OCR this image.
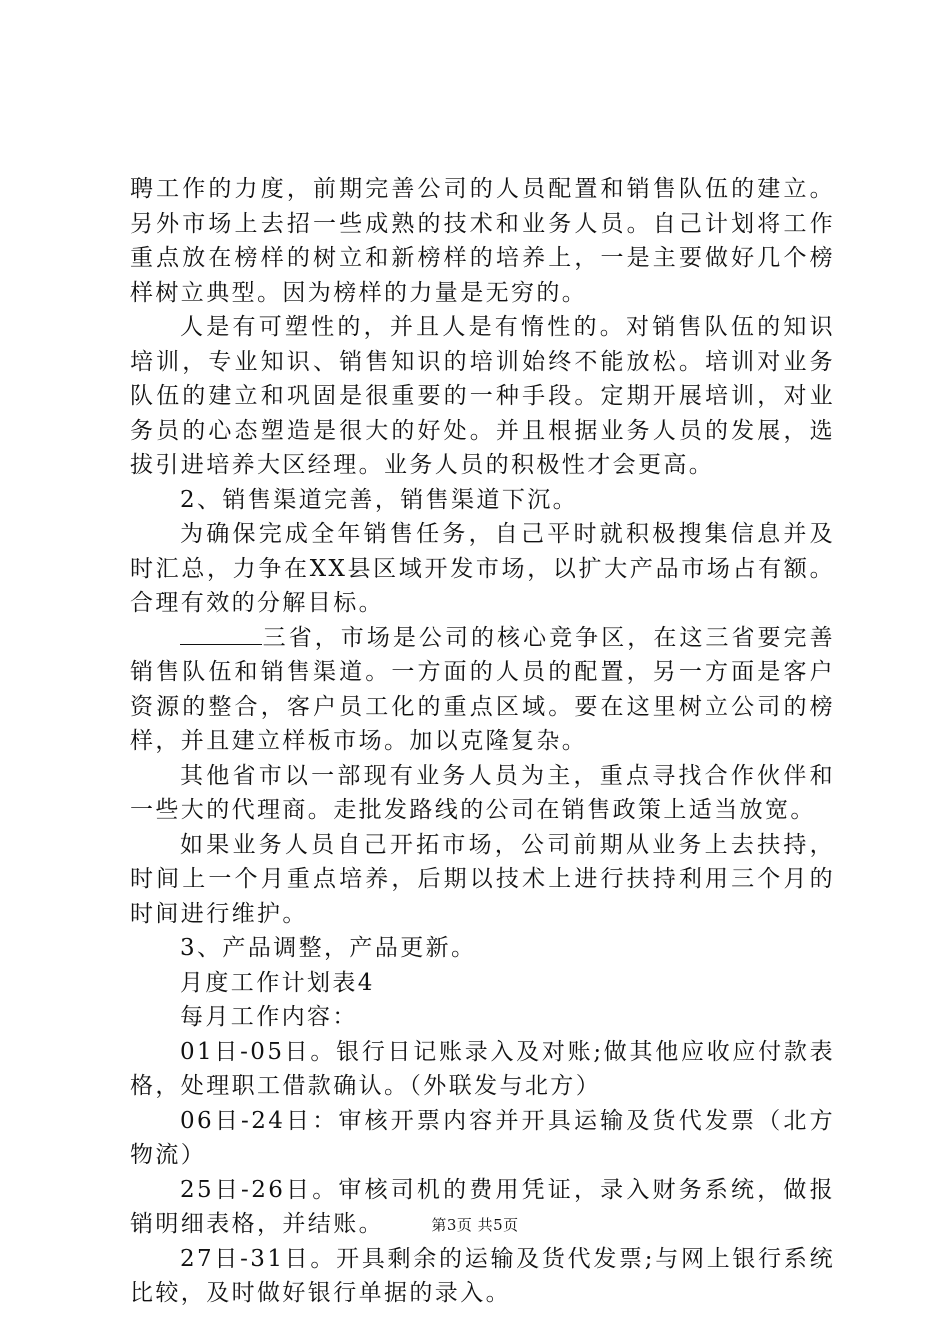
聘工作的力度，前期完善公司的人员配置和销售队伍的建立。另外市场上去招一些成熟的技术和业务人员。自己计划将工作重点放在榜样的树立和新榜样的培养上，一是主要做好几个榜样树立典型。因为榜样的力量是无穷的。

人是有可塑性的，并且人是有惰性的。对销售队伍的知识培训，专业知识、销售知识的培训始终不能放松。培训对业务队伍的建立和巩固是很重要的一种手段。定期开展培训，对业务员的心态塑造是很大的好处。并且根据业务人员的发展，选拔引进培养大区经理。业务人员的积极性才会更高。

2、销售渠道完善，销售渠道下沉。

为确保完成全年销售任务，自己平时就积极搜集信息并及时汇总，力争在XX县区域开发市场，以扩大产品市场占有额。合理有效的分解目标。

三省，市场是公司的核心竞争区，在这三省要完善销售队伍和销售渠道。一方面的人员的配置，另一方面是客户资源的整合，客户员工化的重点区域。要在这里树立公司的榜样，并且建立样板市场。加以克隆复杂。

其他省市以一部现有业务人员为主，重点寻找合作伙伴和一些大的代理商。走批发路线的公司在销售政策上适当放宽。

如果业务人员自己开拓市场，公司前期从业务上去扶持，时间上一个月重点培养，后期以技术上进行扶持利用三个月的时间进行维护。

3、产品调整，产品更新。

月度工作计划表4

每月工作内容：

01日-05日。银行日记账录入及对账;做其他应收应付款表格，处理职工借款确认。（外联发与北方）

06日-24日：审核开票内容并开具运输及货代发票（北方物流）

25日-26日。审核司机的费用凭证，录入财务系统，做报销明细表格，并结账。

27日-31日。开具剩余的运输及货代发票;与网上银行系统比较，及时做好银行单据的录入。

第3页 共5页
